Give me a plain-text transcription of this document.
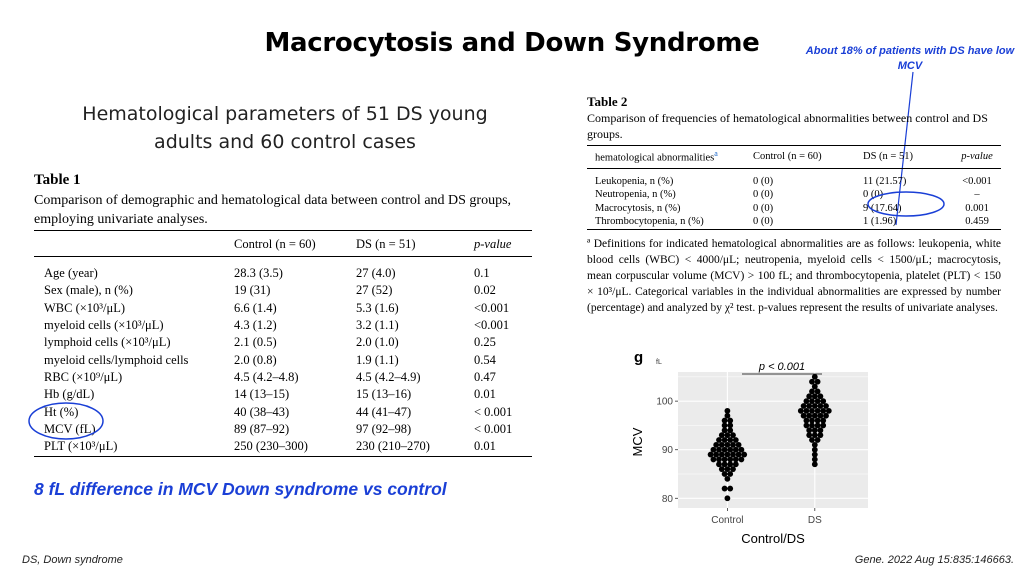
Macrocytosis and Down Syndrome	About 18% of patients with DS have low MCV
Hematological parameters of 51 DS young adults and 60 control cases
Table 1
Comparison of demographic and hematological data between control and DS groups, employing univariate analyses.
	Control (n = 60)	DS (n = 51)	p-value
Age (year)	28.3 (3.5)	27 (4.0)	0.1
Sex (male), n (%)	19 (31)	27 (52)	0.02
WBC (×10³/μL)	6.6 (1.4)	5.3 (1.6)	<0.001
myeloid cells (×10³/μL)	4.3 (1.2)	3.2 (1.1)	<0.001
lymphoid cells (×10³/μL)	2.1 (0.5)	2.0 (1.0)	0.25
myeloid cells/lymphoid cells	2.0 (0.8)	1.9 (1.1)	0.54
RBC (×10⁹/μL)	4.5 (4.2–4.8)	4.5 (4.2–4.9)	0.47
Hb (g/dL)	14 (13–15)	15 (13–16)	0.01
Ht (%)	40 (38–43)	44 (41–47)	< 0.001
MCV (fL)	89 (87–92)	97 (92–98)	< 0.001
PLT (×10³/μL)	250 (230–300)	230 (210–270)	0.01
Table 2
Comparison of frequencies of hematological abnormalities between control and DS groups.
hematological abnormalities$^a$	Control (n = 60)	DS (n = 51)	p-value
Leukopenia, n (%)	0 (0)	11 (21.57)	<0.001
Neutropenia, n (%)	0 (0)	0 (0)	–
Macrocytosis, n (%)	0 (0)	9 (17.64)	0.001
Thrombocytopenia, n (%)	0 (0)	1 (1.96)	0.459
ª Definitions for indicated hematological abnormalities are as follows: leukopenia, white blood cells (WBC) < 4000/μL; neutropenia, myeloid cells < 1500/μL; macrocytosis, mean corpuscular volume (MCV) > 100 fL; and thrombocytopenia, platelet (PLT) < 150 × 10³/μL. Categorical variables in the individual abnormalities are expressed by number (percentage) and analyzed by χ² test. p-values represent the results of univariate analyses.
g fL
80
90
100
Control	DS
p < 0.001
MCV
Control/DS
8 fL difference in MCV Down syndrome vs control
DS, Down syndrome	Gene. 2022 Aug 15:835:146663.
